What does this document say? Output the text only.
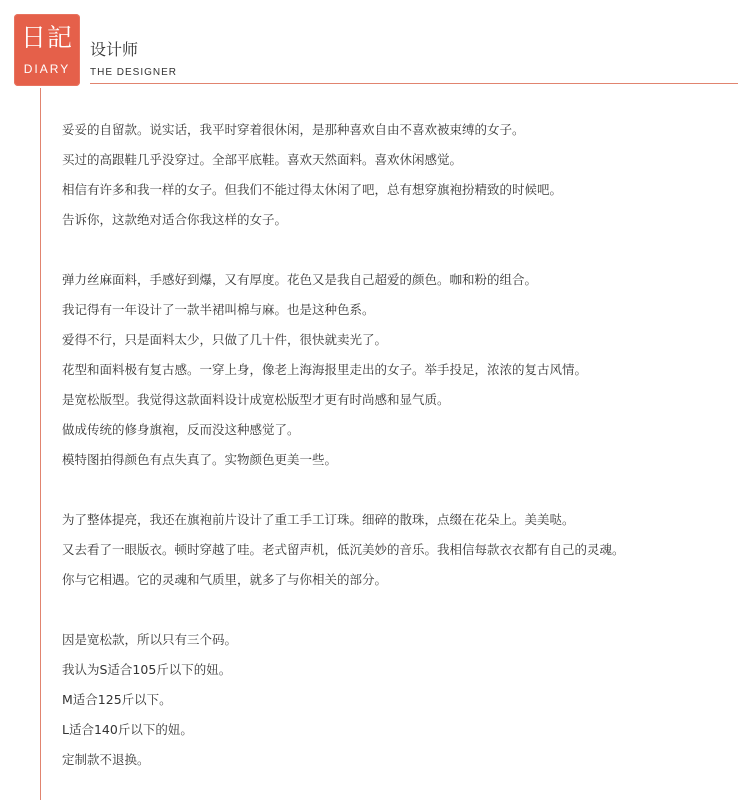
日記
DIARY
设计师
THE DESIGNER
妥妥的自留款。说实话，我平时穿着很休闲，是那种喜欢自由不喜欢被束缚的女子。
买过的高跟鞋几乎没穿过。全部平底鞋。喜欢天然面料。喜欢休闲感觉。
相信有许多和我一样的女子。但我们不能过得太休闲了吧，总有想穿旗袍扮精致的时候吧。
告诉你，这款绝对适合你我这样的女子。
弹力丝麻面料，手感好到爆，又有厚度。花色又是我自己超爱的颜色。咖和粉的组合。
我记得有一年设计了一款半裙叫棉与麻。也是这种色系。
爱得不行，只是面料太少，只做了几十件，很快就卖光了。
花型和面料极有复古感。一穿上身，像老上海海报里走出的女子。举手投足，浓浓的复古风情。
是宽松版型。我觉得这款面料设计成宽松版型才更有时尚感和显气质。
做成传统的修身旗袍，反而没这种感觉了。
模特图拍得颜色有点失真了。实物颜色更美一些。
为了整体提亮，我还在旗袍前片设计了重工手工订珠。细碎的散珠，点缀在花朵上。美美哒。
又去看了一眼版衣。顿时穿越了哇。老式留声机，低沉美妙的音乐。我相信每款衣衣都有自己的灵魂。
你与它相遇。它的灵魂和气质里，就多了与你相关的部分。
因是宽松款，所以只有三个码。
我认为S适合105斤以下的妞。
M适合125斤以下。
L适合140斤以下的妞。
定制款不退换。
